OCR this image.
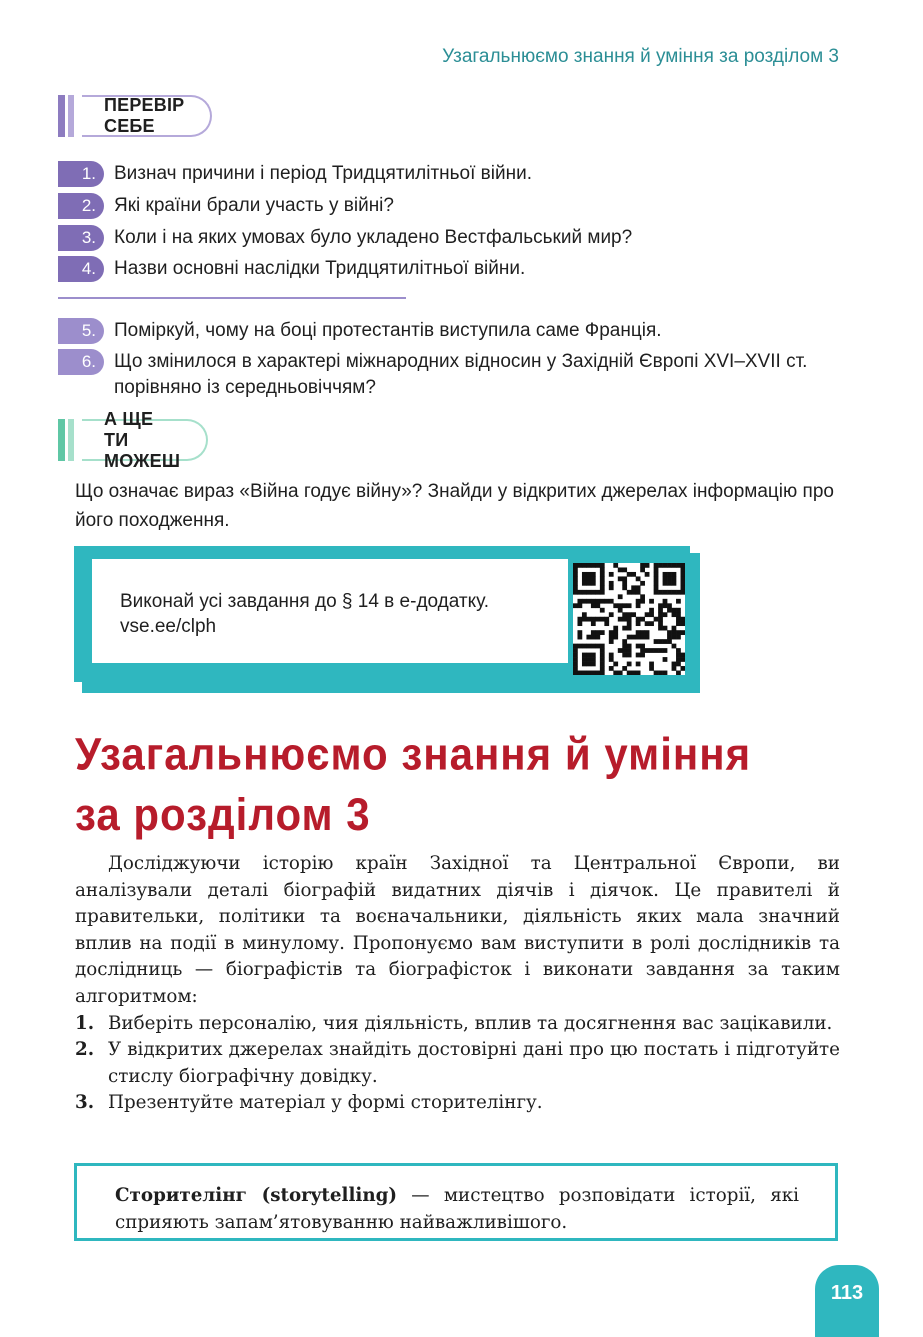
Узагальнюємо знання й уміння за розділом 3
ПЕРЕВІР СЕБЕ
1. Визнач причини і період Тридцятилітньої війни.
2. Які країни брали участь у війні?
3. Коли і на яких умовах було укладено Вестфальський мир?
4. Назви основні наслідки Тридцятилітньої війни.
5. Поміркуй, чому на боці протестантів виступила саме Франція.
6. Що змінилося в характері міжнародних відносин у Західній Європі XVI–XVII ст. порівняно із середньовіччям?
А ЩЕ ТИ МОЖЕШ
Що означає вираз «Війна годує війну»? Знайди у відкритих джерелах інформацію про його походження.
Виконай усі завдання до § 14 в е-додатку.
vse.ee/clph
Узагальнюємо знання й уміння
за розділом 3

Досліджуючи історію країн Західної та Центральної Європи, ви аналізували деталі біографій видатних діячів і діячок. Це правителі й правительки, політики та воєначальники, діяльність яких мала значний вплив на події в минулому. Пропонуємо вам виступити в ролі дослідників та дослідниць — біографістів та біографісток і виконати завдання за таким алгоритмом:

1. Виберіть персоналію, чия діяльність, вплив та досягнення вас зацікавили.
2. У відкритих джерелах знайдіть достовірні дані про цю постать і підготуйте стислу біографічну довідку.
3. Презентуйте матеріал у формі сторителінгу.
Сторителінг (storytelling) — мистецтво розповідати історії, які сприяють запам’ятовуванню найважливішого.
113
